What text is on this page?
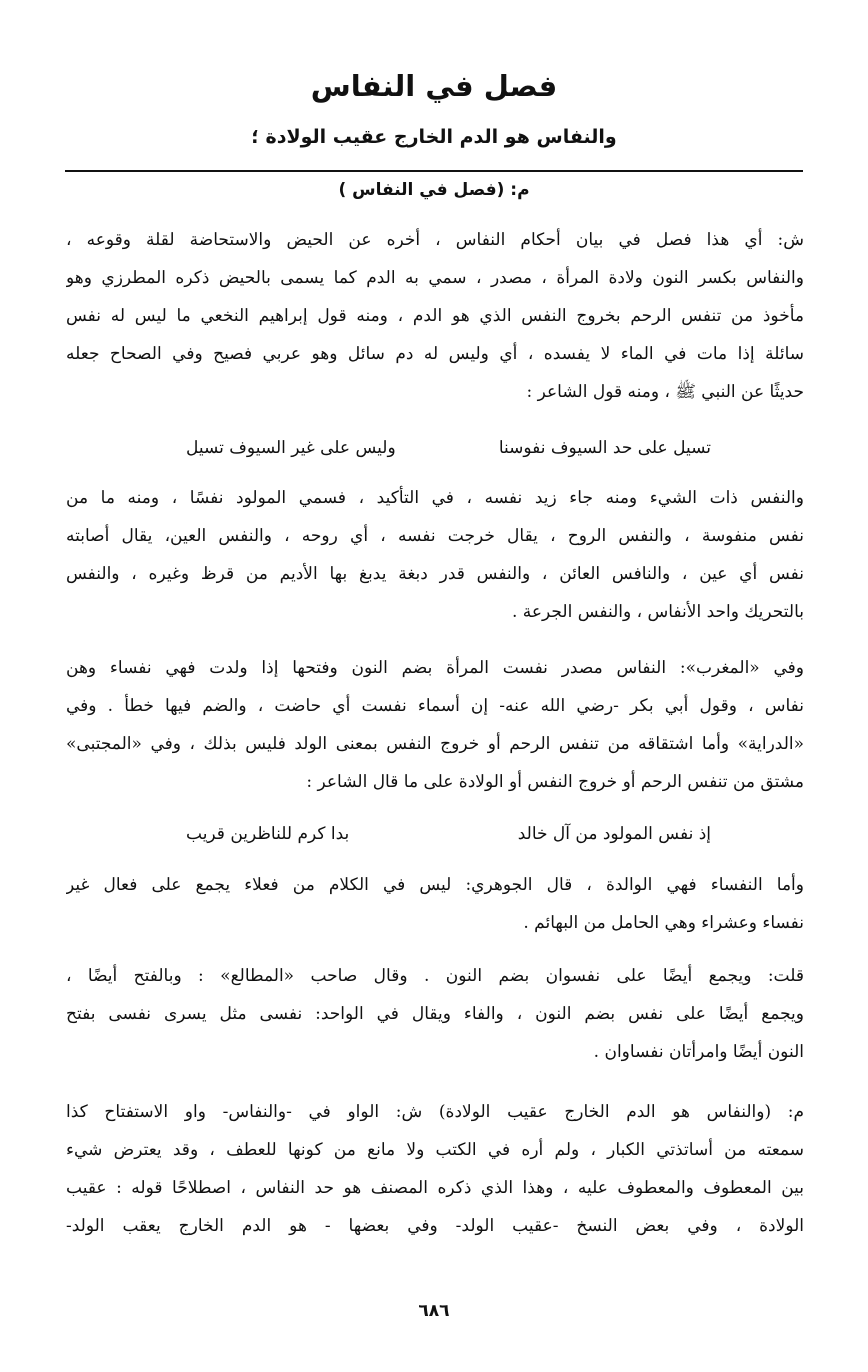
فصل في النفاس
والنفاس هو الدم الخارج عقيب الولادة ؛
م: (فصل في النفاس )
ش: أي هذا فصل في بيان أحكام النفاس ، أخره عن الحيض والاستحاضة لقلة وقوعه ،
والنفاس بكسر النون ولادة المرأة ، مصدر ، سمي به الدم كما يسمى بالحيض ذكره المطرزي وهو
مأخوذ من تنفس الرحم بخروج النفس الذي هو الدم ، ومنه قول إبراهيم النخعي ما ليس له نفس
سائلة إذا مات في الماء لا يفسده ، أي وليس له دم سائل وهو عربي فصيح وفي الصحاح جعله
حديثًا عن النبي ﷺ ، ومنه قول الشاعر :
تسيل على حد السيوف نفوسنا
وليس على غير السيوف تسيل
والنفس ذات الشيء ومنه جاء زيد نفسه ، في التأكيد ، فسمي المولود نفسًا ، ومنه ما من
نفس منفوسة ، والنفس الروح ، يقال خرجت نفسه ، أي روحه ، والنفس العين، يقال أصابته
نفس أي عين ، والنافس العائن ، والنفس قدر دبغة يدبغ بها الأديم من قرظ وغيره ، والنفس
بالتحريك واحد الأنفاس ، والنفس الجرعة .
وفي «المغرب»: النفاس مصدر نفست المرأة بضم النون وفتحها إذا ولدت فهي نفساء وهن
نفاس ، وقول أبي بكر -رضي الله عنه- إن أسماء نفست أي حاضت ، والضم فيها خطأ . وفي
«الدراية» وأما اشتقاقه من تنفس الرحم أو خروج النفس بمعنى الولد فليس بذلك ، وفي «المجتبى»
مشتق من تنفس الرحم أو خروج النفس أو الولادة على ما قال الشاعر :
إذ نفس المولود من آل خالد
بدا كرم للناظرين قريب
وأما النفساء فهي الوالدة ، قال الجوهري: ليس في الكلام من فعلاء يجمع على فعال غير
نفساء وعشراء وهي الحامل من البهائم .
قلت: ويجمع أيضًا على نفسوان بضم النون . وقال صاحب «المطالع» : وبالفتح أيضًا ،
ويجمع أيضًا على نفس بضم النون ، والفاء ويقال في الواحد: نفسى مثل يسرى نفسى بفتح
النون أيضًا وامرأتان نفساوان .
م: (والنفاس هو الدم الخارج عقيب الولادة) ش: الواو في -والنفاس- واو الاستفتاح كذا
سمعته من أساتذتي الكبار ، ولم أره في الكتب ولا مانع من كونها للعطف ، وقد يعترض شيء
بين المعطوف والمعطوف عليه ، وهذا الذي ذكره المصنف هو حد النفاس ، اصطلاحًا قوله : عقيب
الولادة ، وفي بعض النسخ -عقيب الولد- وفي بعضها - هو الدم الخارج يعقب الولد-
٦٨٦
